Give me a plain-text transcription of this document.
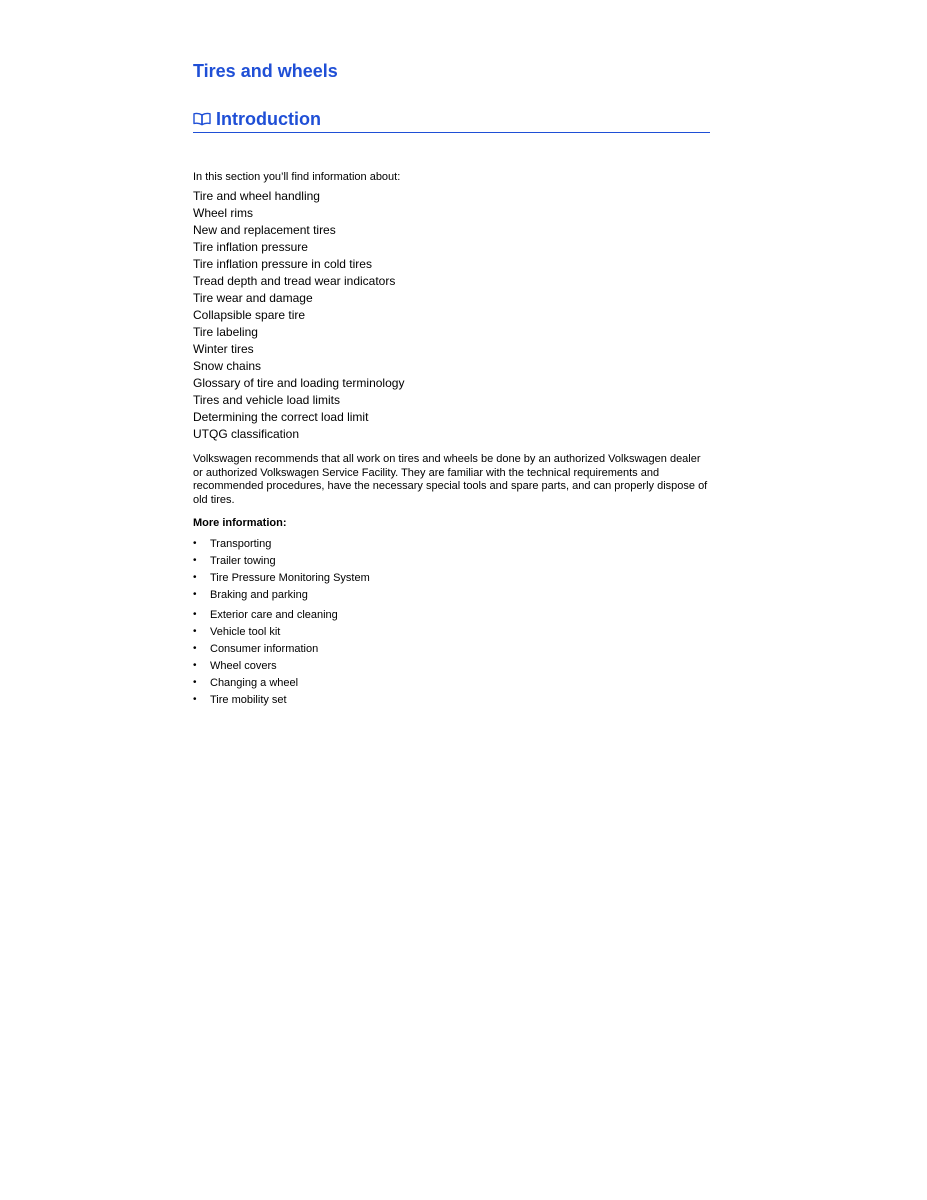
Tires and wheels
Introduction
In this section you’ll find information about:
Tire and wheel handling
Wheel rims
New and replacement tires
Tire inflation pressure
Tire inflation pressure in cold tires
Tread depth and tread wear indicators
Tire wear and damage
Collapsible spare tire
Tire labeling
Winter tires
Snow chains
Glossary of tire and loading terminology
Tires and vehicle load limits
Determining the correct load limit
UTQG classification
Volkswagen recommends that all work on tires and wheels be done by an authorized Volkswagen dealer or authorized Volkswagen Service Facility. They are familiar with the technical requirements and recommended procedures, have the necessary special tools and spare parts, and can properly dispose of old tires.
More information:
• Transporting
• Trailer towing
• Tire Pressure Monitoring System
• Braking and parking
• Exterior care and cleaning
• Vehicle tool kit
• Consumer information
• Wheel covers
• Changing a wheel
• Tire mobility set
